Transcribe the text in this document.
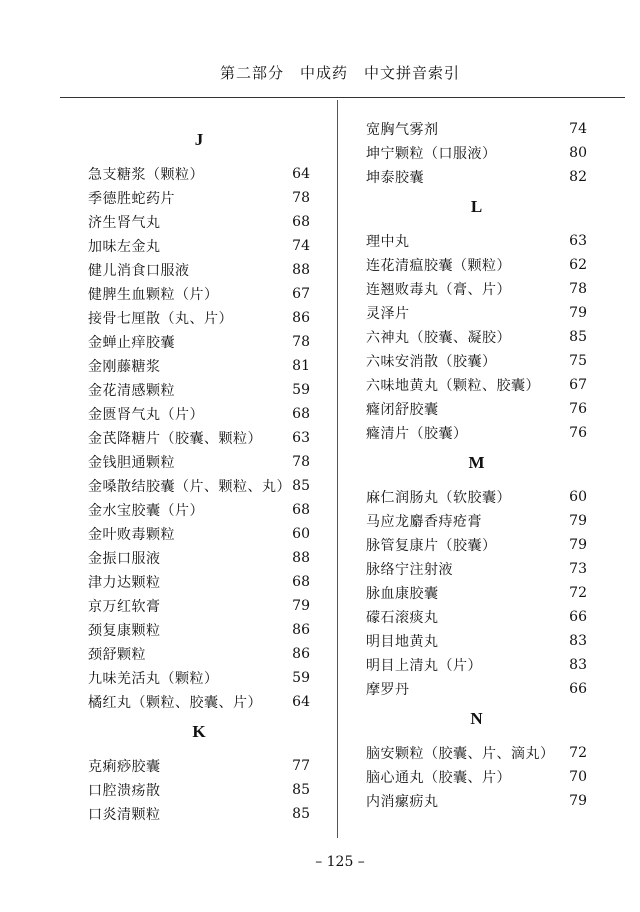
第二部分　中成药　中文拼音索引
J
急支糖浆（颗粒）	64
季德胜蛇药片	78
济生肾气丸	68
加味左金丸	74
健儿消食口服液	88
健脾生血颗粒（片）	67
接骨七厘散（丸、片）	86
金蝉止痒胶囊	78
金刚藤糖浆	81
金花清感颗粒	59
金匮肾气丸（片）	68
金芪降糖片（胶囊、颗粒） 63
金钱胆通颗粒	78
金嗓散结胶囊（片、颗粒、丸） 85
金水宝胶囊（片）	68
金叶败毒颗粒	60
金振口服液	88
津力达颗粒	68
京万红软膏	79
颈复康颗粒	86
颈舒颗粒	86
九味羌活丸（颗粒）	59
橘红丸（颗粒、胶囊、片） 64
K
克痢痧胶囊	77
口腔溃疡散	85
口炎清颗粒	85
宽胸气雾剂	74
坤宁颗粒（口服液）	80
坤泰胶囊	82
L
理中丸	63
连花清瘟胶囊（颗粒）	62
连翘败毒丸（膏、片）	78
灵泽片	79
六神丸（胶囊、凝胶）	85
六味安消散（胶囊）	75
六味地黄丸（颗粒、胶囊） 67
癃闭舒胶囊	76
癃清片（胶囊）	76
M
麻仁润肠丸（软胶囊）	60
马应龙麝香痔疮膏	79
脉管复康片（胶囊）	79
脉络宁注射液	73
脉血康胶囊	72
礞石滚痰丸	66
明目地黄丸	83
明目上清丸（片）	83
摩罗丹	66
N
脑安颗粒（胶囊、片、滴丸） 72
脑心通丸（胶囊、片）	70
内消瘰疬丸	79
– 125 –
